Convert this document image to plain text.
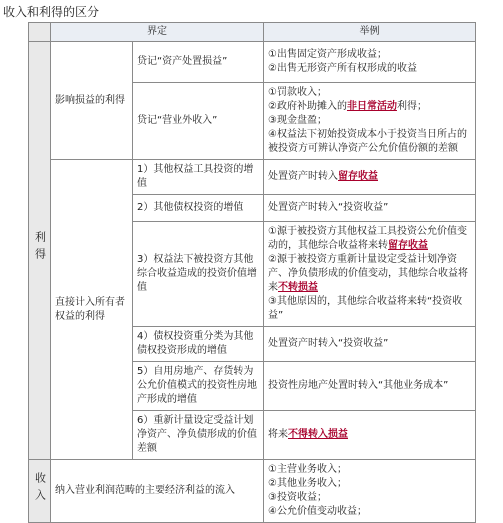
收入和利得的区分
	界定		举例
利得	影响损益的利得	贷记“资产处置损益”	①出售固定资产形成收益；
②出售无形资产所有权形成的收益

		贷记“营业外收入”	①罚款收入；
②政府补助摊入的非日常活动利得；
③现金盘盈；
④权益法下初始投资成本小于投资当日所占的被投资方可辨认净资产公允价值份额的差额

	直接计入所有者权益的利得	1）其他权益工具投资的增值	处置资产时转入留存收益
		2）其他债权投资的增值	处置资产时转入“投资收益”
		3）权益法下被投资方其他综合收益造成的投资价值增值	①源于被投资方其他权益工具投资公允价值变动的，其他综合收益将来转留存收益
②源于被投资方重新计量设定受益计划净资产、净负债形成的价值变动，其他综合收益将来不转损益
③其他原因的，其他综合收益将来转“投资收益”

		4）债权投资重分类为其他债权投资形成的增值	处置资产时转入“投资收益”
		5）自用房地产、存货转为公允价值模式的投资性房地产形成的增值	投资性房地产处置时转入“其他业务成本”
		6）重新计量设定受益计划净资产、净负债形成的价值差额	将来不得转入损益
收入	纳入营业利润范畴的主要经济利益的流入		①主营业务收入；
②其他业务收入；
③投资收益；
④公允价值变动收益；
